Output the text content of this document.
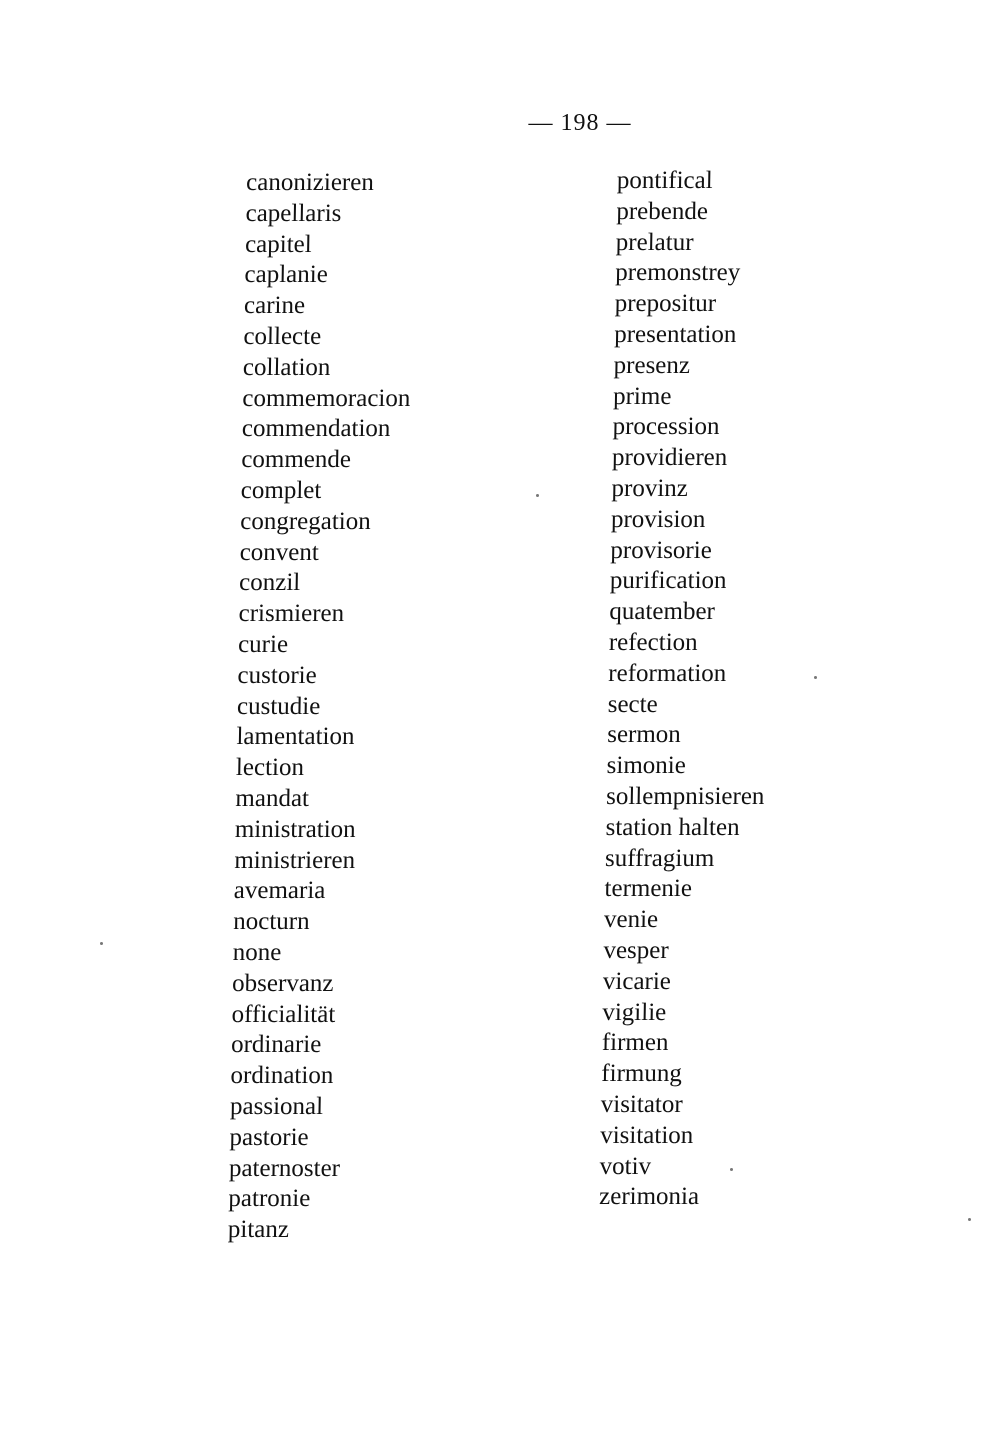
— 198 —
canonizieren
capellaris
capitel
caplanie
carine
collecte
collation
commemoracion
commendation
commende
complet
congregation
convent
conzil
crismieren
curie
custorie
custudie
lamentation
lection
mandat
ministration
ministrieren
avemaria
nocturn
none
observanz
officialität
ordinarie
ordination
passional
pastorie
paternoster
patronie
pitanz
pontifical
prebende
prelatur
premonstrey
prepositur
presentation
presenz
prime
procession
providieren
provinz
provision
provisorie
purification
quatember
refection
reformation
secte
sermon
simonie
sollempnisieren
station halten
suffragium
termenie
venie
vesper
vicarie
vigilie
firmen
firmung
visitator
visitation
votiv
zerimonia
